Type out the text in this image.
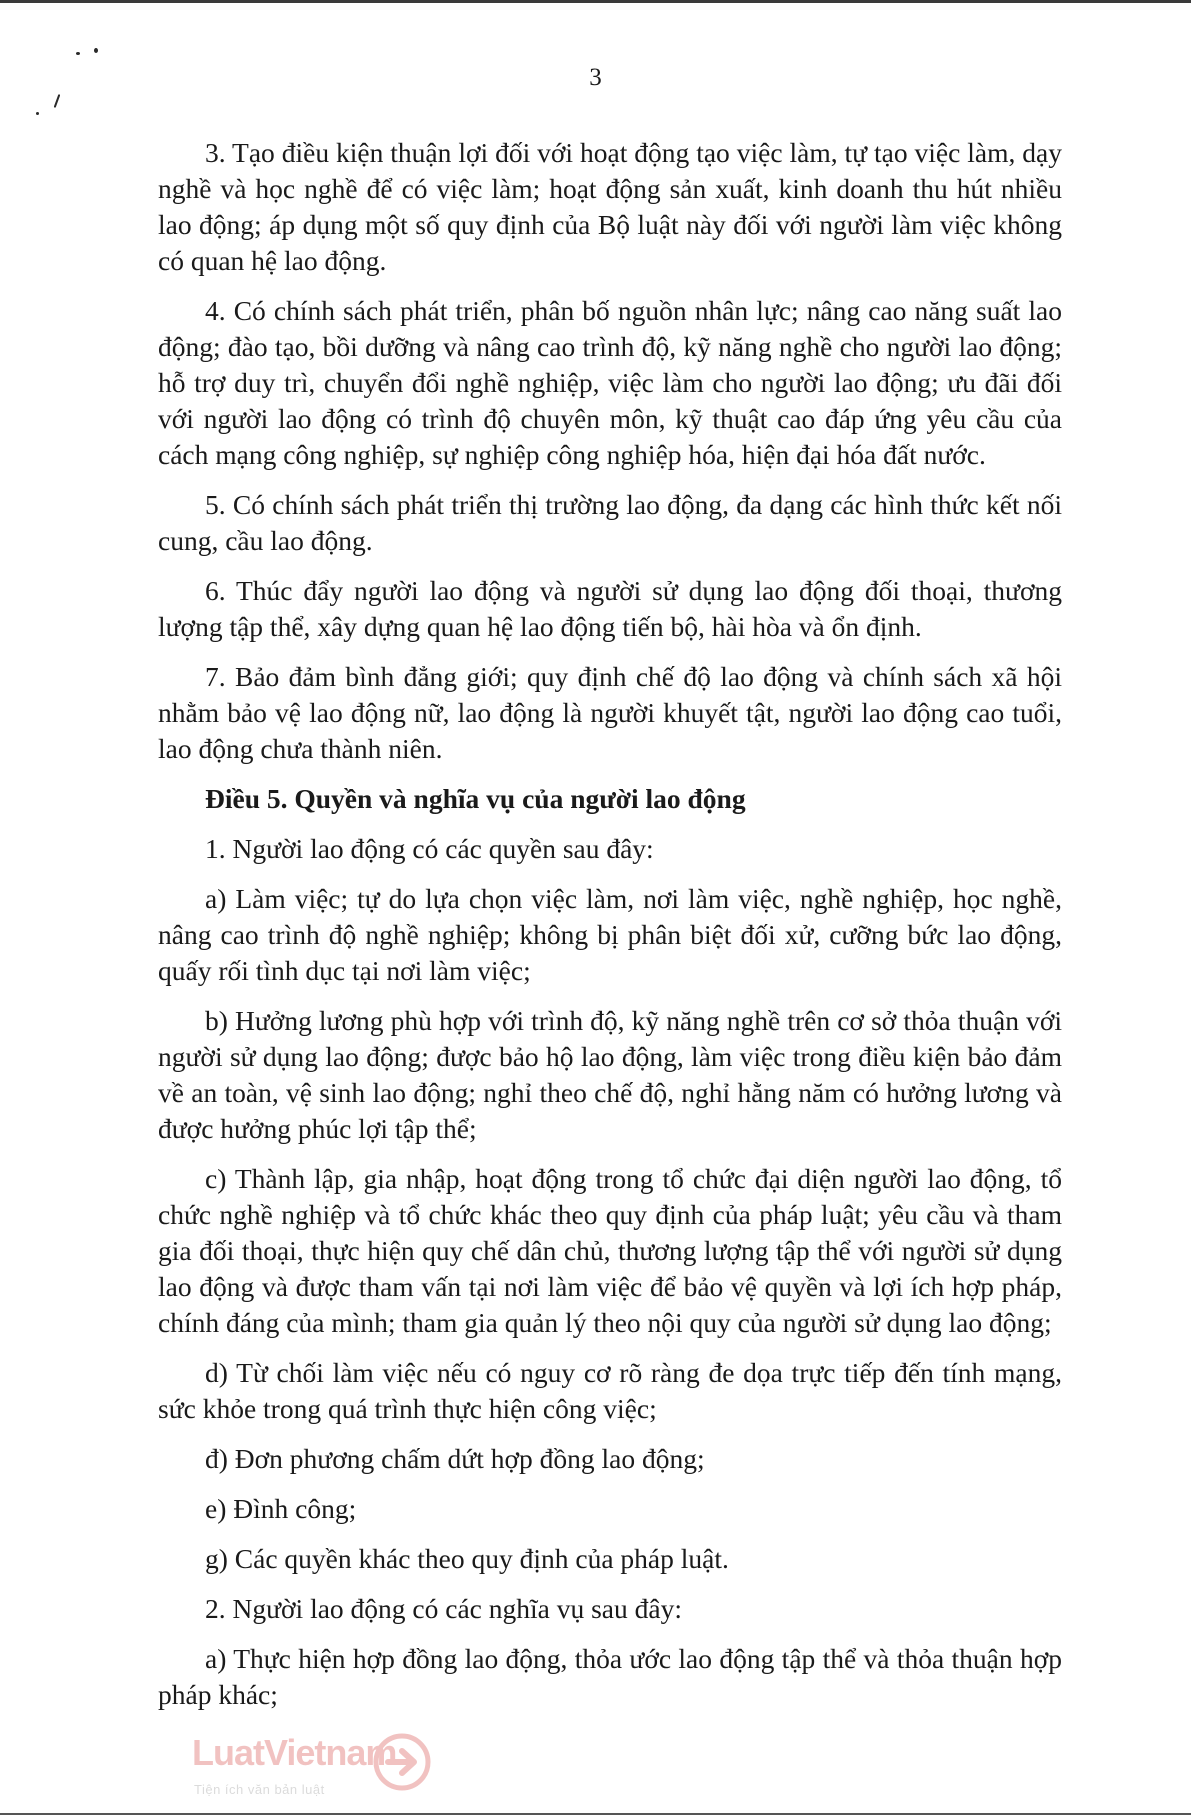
3

3. Tạo điều kiện thuận lợi đối với hoạt động tạo việc làm, tự tạo việc làm, dạy nghề và học nghề để có việc làm; hoạt động sản xuất, kinh doanh thu hút nhiều lao động; áp dụng một số quy định của Bộ luật này đối với người làm việc không có quan hệ lao động.

4. Có chính sách phát triển, phân bố nguồn nhân lực; nâng cao năng suất lao động; đào tạo, bồi dưỡng và nâng cao trình độ, kỹ năng nghề cho người lao động; hỗ trợ duy trì, chuyển đổi nghề nghiệp, việc làm cho người lao động; ưu đãi đối với người lao động có trình độ chuyên môn, kỹ thuật cao đáp ứng yêu cầu của cách mạng công nghiệp, sự nghiệp công nghiệp hóa, hiện đại hóa đất nước.

5. Có chính sách phát triển thị trường lao động, đa dạng các hình thức kết nối cung, cầu lao động.

6. Thúc đẩy người lao động và người sử dụng lao động đối thoại, thương lượng tập thể, xây dựng quan hệ lao động tiến bộ, hài hòa và ổn định.

7. Bảo đảm bình đẳng giới; quy định chế độ lao động và chính sách xã hội nhằm bảo vệ lao động nữ, lao động là người khuyết tật, người lao động cao tuổi, lao động chưa thành niên.

Điều 5. Quyền và nghĩa vụ của người lao động

1. Người lao động có các quyền sau đây:

a) Làm việc; tự do lựa chọn việc làm, nơi làm việc, nghề nghiệp, học nghề, nâng cao trình độ nghề nghiệp; không bị phân biệt đối xử, cưỡng bức lao động, quấy rối tình dục tại nơi làm việc;

b) Hưởng lương phù hợp với trình độ, kỹ năng nghề trên cơ sở thỏa thuận với người sử dụng lao động; được bảo hộ lao động, làm việc trong điều kiện bảo đảm về an toàn, vệ sinh lao động; nghỉ theo chế độ, nghỉ hằng năm có hưởng lương và được hưởng phúc lợi tập thể;

c) Thành lập, gia nhập, hoạt động trong tổ chức đại diện người lao động, tổ chức nghề nghiệp và tổ chức khác theo quy định của pháp luật; yêu cầu và tham gia đối thoại, thực hiện quy chế dân chủ, thương lượng tập thể với người sử dụng lao động và được tham vấn tại nơi làm việc để bảo vệ quyền và lợi ích hợp pháp, chính đáng của mình; tham gia quản lý theo nội quy của người sử dụng lao động;

d) Từ chối làm việc nếu có nguy cơ rõ ràng đe dọa trực tiếp đến tính mạng, sức khỏe trong quá trình thực hiện công việc;

đ) Đơn phương chấm dứt hợp đồng lao động;

e) Đình công;

g) Các quyền khác theo quy định của pháp luật.

2. Người lao động có các nghĩa vụ sau đây:

a) Thực hiện hợp đồng lao động, thỏa ước lao động tập thể và thỏa thuận hợp pháp khác;

LuatVietnam
Tiện ích văn bản luật
